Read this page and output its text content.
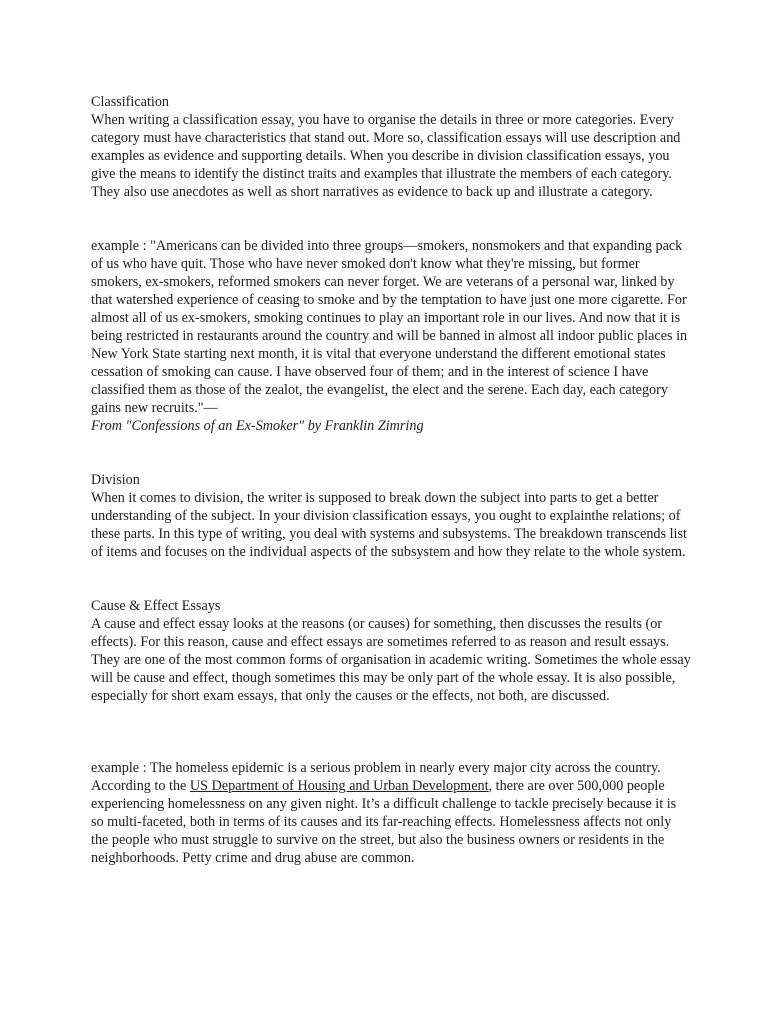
Classification

When writing a classification essay, you have to organise the details in three or more categories. Every category must have characteristics that stand out. More so, classification essays will use description and examples as evidence and supporting details. When you describe in division classification essays, you give the means to identify the distinct traits and examples that illustrate the members of each category. They also use anecdotes as well as short narratives as evidence to back up and illustrate a category.

example : "Americans can be divided into three groups—smokers, nonsmokers and that expanding pack of us who have quit. Those who have never smoked don't know what they're missing, but former smokers, ex-smokers, reformed smokers can never forget. We are veterans of a personal war, linked by that watershed experience of ceasing to smoke and by the temptation to have just one more cigarette. For almost all of us ex-smokers, smoking continues to play an important role in our lives. And now that it is being restricted in restaurants around the country and will be banned in almost all indoor public places in New York State starting next month, it is vital that everyone understand the different emotional states cessation of smoking can cause. I have observed four of them; and in the interest of science I have classified them as those of the zealot, the evangelist, the elect and the serene. Each day, each category gains new recruits."—

From "Confessions of an Ex-Smoker" by Franklin Zimring

Division

When it comes to division, the writer is supposed to break down the subject into parts to get a better understanding of the subject. In your division classification essays, you ought to explainthe relations; of these parts. In this type of writing, you deal with systems and subsystems. The breakdown transcends list of items and focuses on the individual aspects of the subsystem and how they relate to the whole system.

Cause & Effect Essays

A cause and effect essay looks at the reasons (or causes) for something, then discusses the results (or effects). For this reason, cause and effect essays are sometimes referred to as reason and result essays. They are one of the most common forms of organisation in academic writing. Sometimes the whole essay will be cause and effect, though sometimes this may be only part of the whole essay. It is also possible, especially for short exam essays, that only the causes or the effects, not both, are discussed.

example : The homeless epidemic is a serious problem in nearly every major city across the country. According to the US Department of Housing and Urban Development, there are over 500,000 people experiencing homelessness on any given night. It’s a difficult challenge to tackle precisely because it is so multi-faceted, both in terms of its causes and its far-reaching effects. Homelessness affects not only the people who must struggle to survive on the street, but also the business owners or residents in the neighborhoods. Petty crime and drug abuse are common.
